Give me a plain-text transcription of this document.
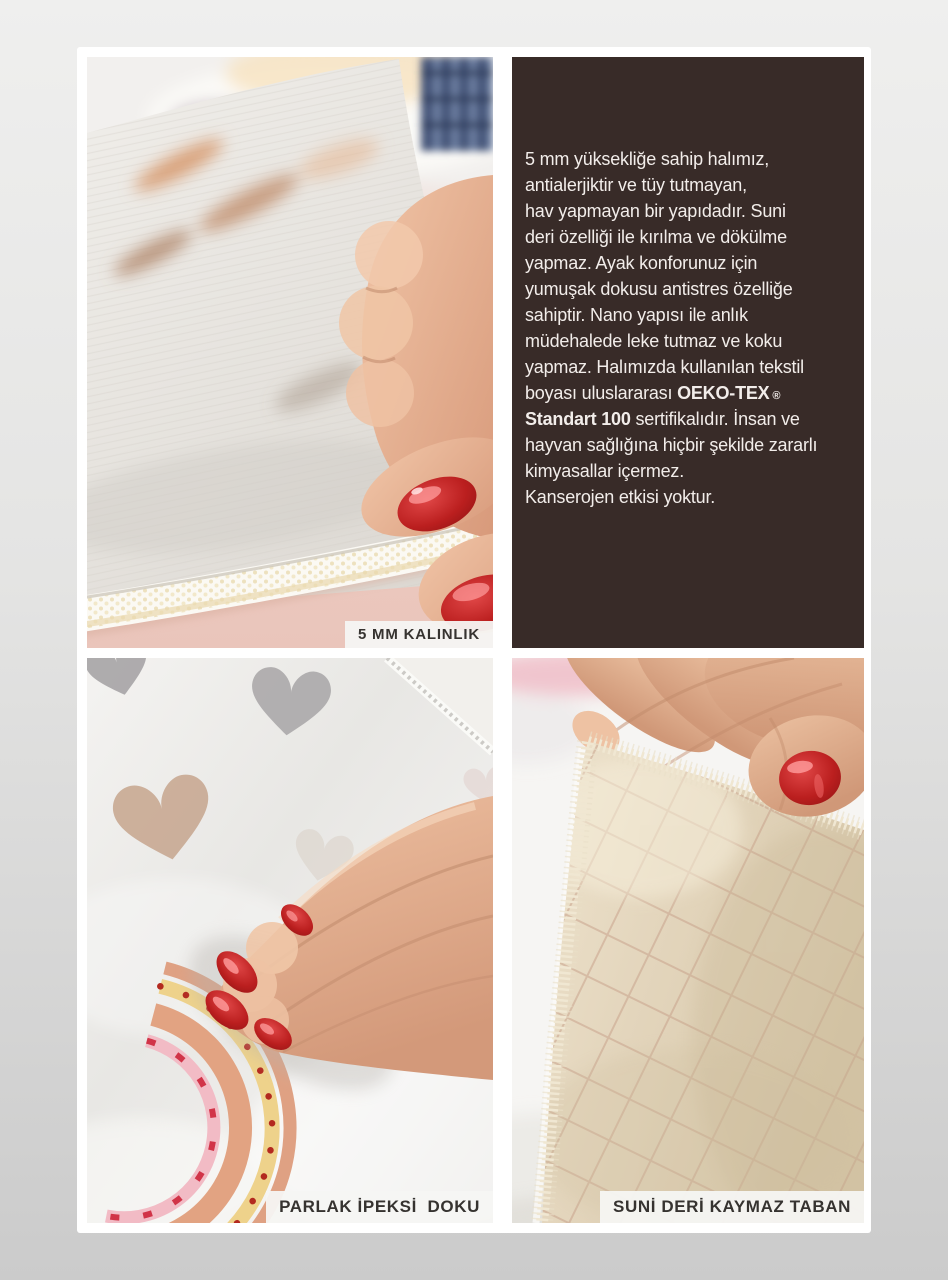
5 MM KALINLIK
5 mm yüksekliğe sahip halımız,
antialerjiktir ve tüy tutmayan,
hav yapmayan bir yapıdadır. Suni
deri özelliği ile kırılma ve dökülme
yapmaz. Ayak konforunuz için
yumuşak dokusu antistres özelliğe
sahiptir. Nano yapısı ile anlık
müdehalede leke tutmaz ve koku
yapmaz. Halımızda kullanılan tekstil
boyası uluslararası OEKO-TEX ®
Standart 100 sertifikalıdır. İnsan ve
hayvan sağlığına hiçbir şekilde zararlı
kimyasallar içermez.
Kanserojen etkisi yoktur.
PARLAK İPEKSİ  DOKU	SUNİ DERİ KAYMAZ TABAN
